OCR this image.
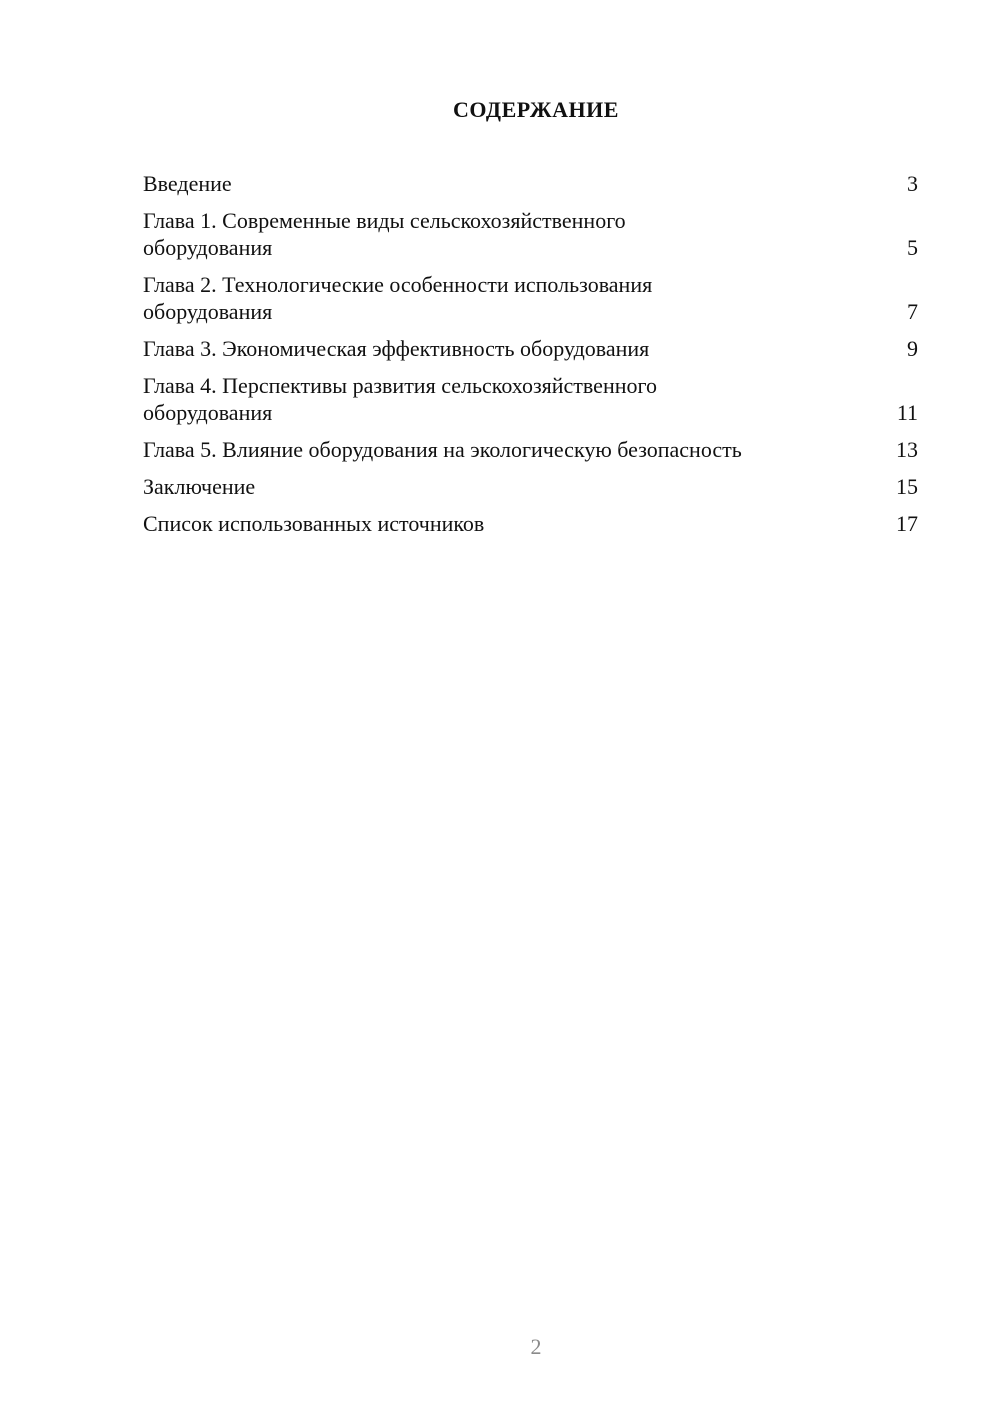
СОДЕРЖАНИЕ
Введение	3
Глава 1. Современные виды сельскохозяйственного оборудования	5
Глава 2. Технологические особенности использования оборудования	7
Глава 3. Экономическая эффективность оборудования	9
Глава 4. Перспективы развития сельскохозяйственного оборудования	11
Глава 5. Влияние оборудования на экологическую безопасность	13
Заключение	15
Список использованных источников	17
2
